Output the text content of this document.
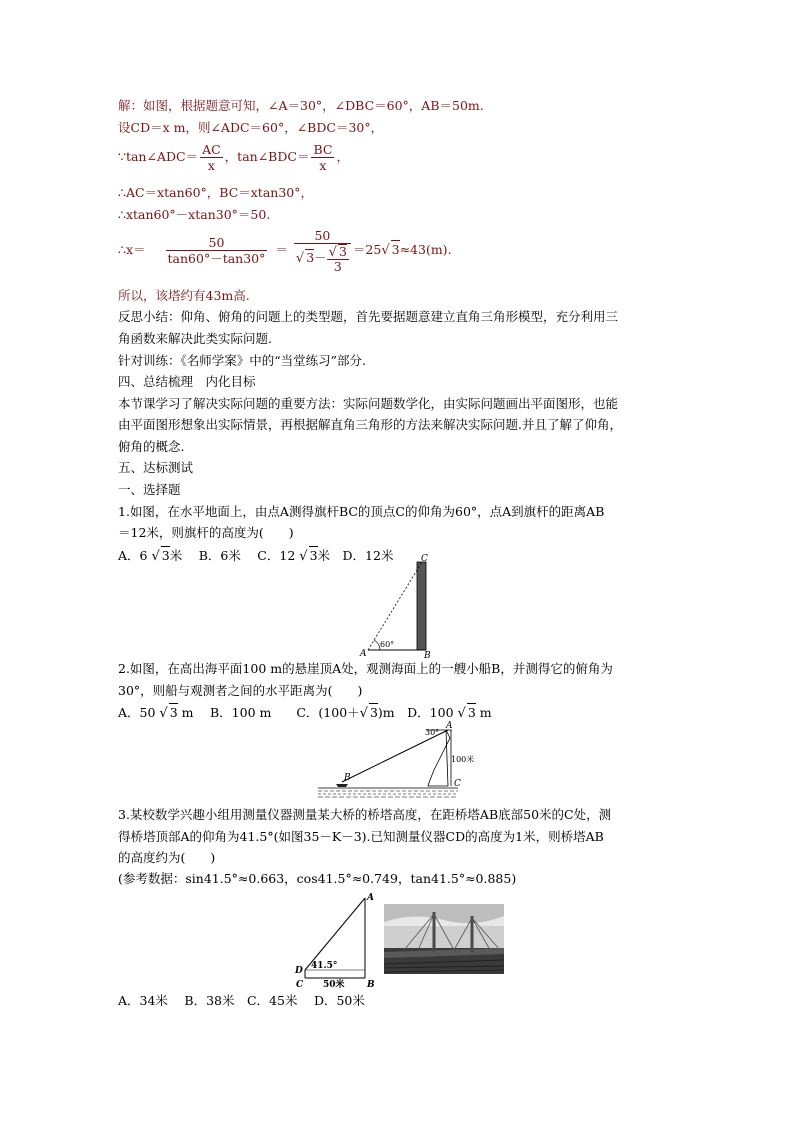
解：如图，根据题意可知，∠A＝30°，∠DBC＝60°，AB＝50m.
设CD＝x m，则∠ADC＝60°，∠BDC＝30°，
∵tan∠ADC＝ $\frac{AC}{x}$ ，tan∠BDC＝ $\frac{BC}{x}$ ，
∴AC＝xtan60°，BC＝xtan30°，
∴xtan60°－xtan30°＝50.
∴x＝ $\frac{50}{\tan 60^\circ-\tan 30^\circ} = \frac{50}{√ 3- \frac{√ 3}{3}} =25√$ 3≈43(m).
所以，该塔约有43m高.
反思小结：仰角、俯角的问题上的类型题，首先要据题意建立直角三角形模型，充分利用三
角函数来解决此类实际问题.
针对训练：《名师学案》中的“当堂练习”部分.
四、总结梳理　内化目标
本节课学习了解决实际问题的重要方法：实际问题数学化，由实际问题画出平面图形，也能
由平面图形想象出实际情景，再根据解直角三角形的方法来解决实际问题.并且了解了仰角，
俯角的概念.
五、达标测试
一、选择题
1.如图，在水平地面上，由点A测得旗杆BC的顶点C的仰角为60°，点A到旗杆的距离AB
＝12米，则旗杆的高度为(　　)
A．6 √ 3米　 B．6米　 C．12 √ 3米　D．12米
60°
A	B
C
2.如图，在高出海平面100 m的悬崖顶A处，观测海面上的一艘小船B，并测得它的俯角为
30°，则船与观测者之间的水平距离为(　　)
A．50 √ 3 m　 B．100 m　　C．(100＋√ 3)m　D．100 √ 3 m
30°
A
100米
C
B
3.某校数学兴趣小组用测量仪器测量某大桥的桥塔高度，在距桥塔AB底部50米的C处，测
得桥塔顶部A的仰角为41.5°(如图35－K－3).已知测量仪器CD的高度为1米，则桥塔AB
的高度约为(　　)
(参考数据：sin41.5°≈0.663，cos41.5°≈0.749，tan41.5°≈0.885)
A
B
C
D 41.5°
50米
A．34米　 B．38米　C．45米　 D．50米
